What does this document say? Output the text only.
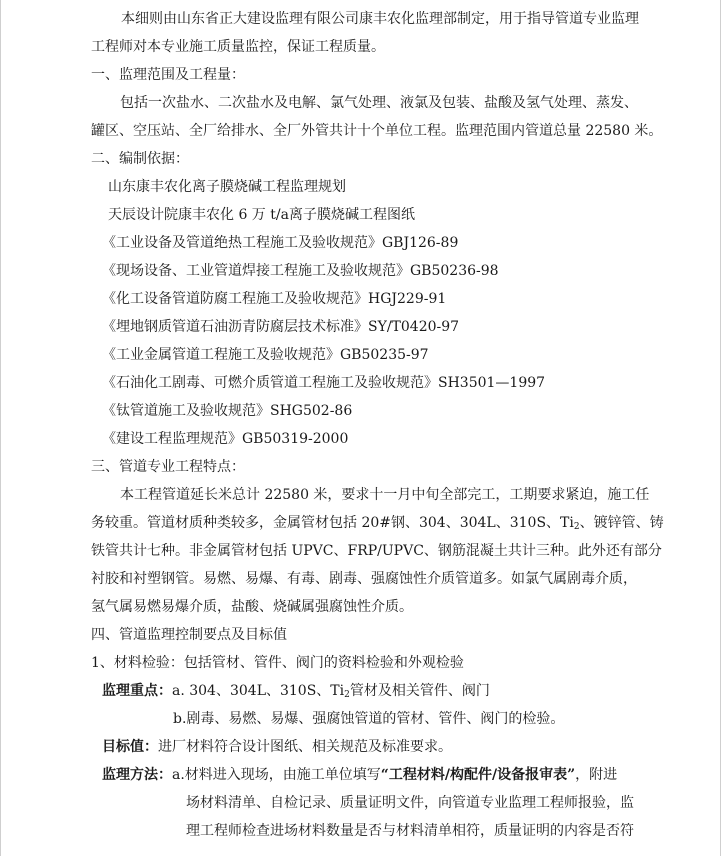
本细则由山东省正大建设监理有限公司康丰农化监理部制定，用于指导管道专业监理
工程师对本专业施工质量监控，保证工程质量。
一、监理范围及工程量：
包括一次盐水、二次盐水及电解、氯气处理、液氯及包装、盐酸及氢气处理、蒸发、
罐区、空压站、全厂给排水、全厂外管共计十个单位工程。监理范围内管道总量 22580 米。
二、编制依据：
山东康丰农化离子膜烧碱工程监理规划
天辰设计院康丰农化 6 万 t/a离子膜烧碱工程图纸
《工业设备及管道绝热工程施工及验收规范》GBJ126-89
《现场设备、工业管道焊接工程施工及验收规范》GB50236-98
《化工设备管道防腐工程施工及验收规范》HGJ229-91
《埋地钢质管道石油沥青防腐层技术标准》SY/T0420-97
《工业金属管道工程施工及验收规范》GB50235-97
《石油化工剧毒、可燃介质管道工程施工及验收规范》SH3501—1997
《钛管道施工及验收规范》SHG502-86
《建设工程监理规范》GB50319-2000
三、管道专业工程特点：
本工程管道延长米总计 22580 米，要求十一月中旬全部完工，工期要求紧迫，施工任
务较重。管道材质种类较多，金属管材包括 20#钢、304、304L、310S、$Ti_2$、镀锌管、铸
铁管共计七种。非金属管材包括 UPVC、FRP/UPVC、钢筋混凝土共计三种。此外还有部分
衬胶和衬塑钢管。易燃、易爆、有毒、剧毒、强腐蚀性介质管道多。如氯气属剧毒介质，
氢气属易燃易爆介质，盐酸、烧碱属强腐蚀性介质。
四、管道监理控制要点及目标值
1、材料检验：包括管材、管件、阀门的资料检验和外观检验
监理重点：a. 304、304L、310S、$Ti_2$管材及相关管件、阀门
b.剧毒、易燃、易爆、强腐蚀管道的管材、管件、阀门的检验。
目标值：进厂材料符合设计图纸、相关规范及标准要求。
监理方法：a.材料进入现场，由施工单位填写“工程材料/构配件/设备报审表”，附进
场材料清单、自检记录、质量证明文件，向管道专业监理工程师报验，监
理工程师检查进场材料数量是否与材料清单相符，质量证明的内容是否符
